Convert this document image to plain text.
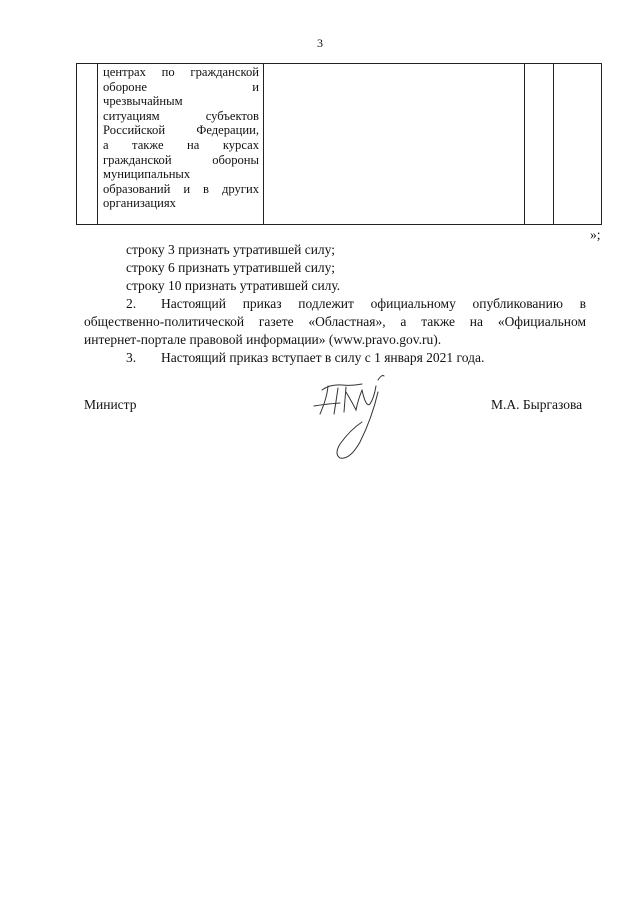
3

центрах по гражданской
обороне и
чрезвычайным
ситуациям субъектов
Российской Федерации,
а также на курсах
гражданской обороны
муниципальных
образований и в других
организациях

»;
строку 3 признать утратившей силу;
строку 6 признать утратившей силу;
строку 10 признать утратившей силу.
2. Настоящий приказ подлежит официальному опубликованию в
общественно-политической газете «Областная», а также на «Официальном
интернет-портале правовой информации» (www.pravo.gov.ru).
3. Настоящий приказ вступает в силу с 1 января 2021 года.
Министр	М.А. Быргазова
